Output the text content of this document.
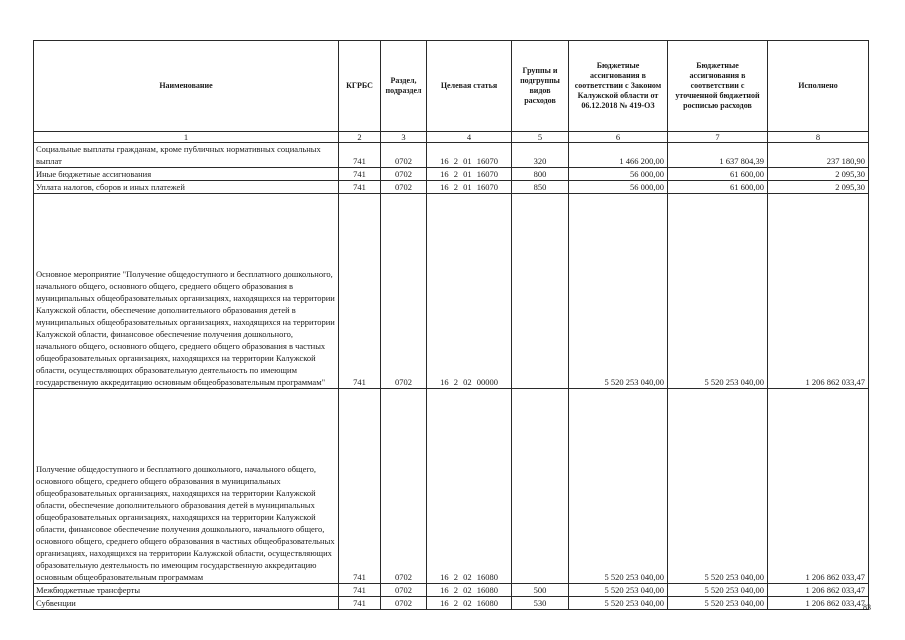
Наименование	КГРБС	Раздел, подраздел	Целевая статья	Группы и подгруппы видов расходов	Бюджетные ассигнования в соответствии с Законом Калужской области от 06.12.2018 № 419-ОЗ	Бюджетные ассигнования в соответствии с уточненной бюджетной росписью расходов	Исполнено
1	2	3	4	5	6	7	8
Социальные выплаты гражданам, кроме публичных нормативных социальных выплат	741	0702	16 2 01 16070	320	1 466 200,00	1 637 804,39	237 180,90
Иные бюджетные ассигнования	741	0702	16 2 01 16070	800	56 000,00	61 600,00	2 095,30
Уплата налогов, сборов и иных платежей	741	0702	16 2 01 16070	850	56 000,00	61 600,00	2 095,30
Основное мероприятие "Получение общедоступного и бесплатного дошкольного, начального общего, основного общего, среднего общего образования в муниципальных общеобразовательных организациях, находящихся на территории Калужской области, обеспечение дополнительного образования детей в муниципальных общеобразовательных организациях, находящихся на территории Калужской области, финансовое обеспечение получения дошкольного, начального общего, основного общего, среднего общего образования в частных общеобразовательных организациях, находящихся на территории Калужской области, осуществляющих образовательную деятельность по имеющим государственную аккредитацию основным общеобразовательным программам"	741	0702	16 2 02 00000		5 520 253 040,00	5 520 253 040,00	1 206 862 033,47
Получение общедоступного и бесплатного дошкольного, начального общего, основного общего, среднего общего образования в муниципальных общеобразовательных организациях, находящихся на территории Калужской области, обеспечение дополнительного образования детей в муниципальных общеобразовательных организациях, находящихся на территории Калужской области, финансовое обеспечение получения дошкольного, начального общего, основного общего, среднего общего образования в частных общеобразовательных организациях, находящихся на территории Калужской области, осуществляющих образовательную деятельность по имеющим государственную аккредитацию основным общеобразовательным программам	741	0702	16 2 02 16080		5 520 253 040,00	5 520 253 040,00	1 206 862 033,47
Межбюджетные трансферты	741	0702	16 2 02 16080	500	5 520 253 040,00	5 520 253 040,00	1 206 862 033,47
Субвенции	741	0702	16 2 02 16080	530	5 520 253 040,00	5 520 253 040,00	1 206 862 033,47
83
